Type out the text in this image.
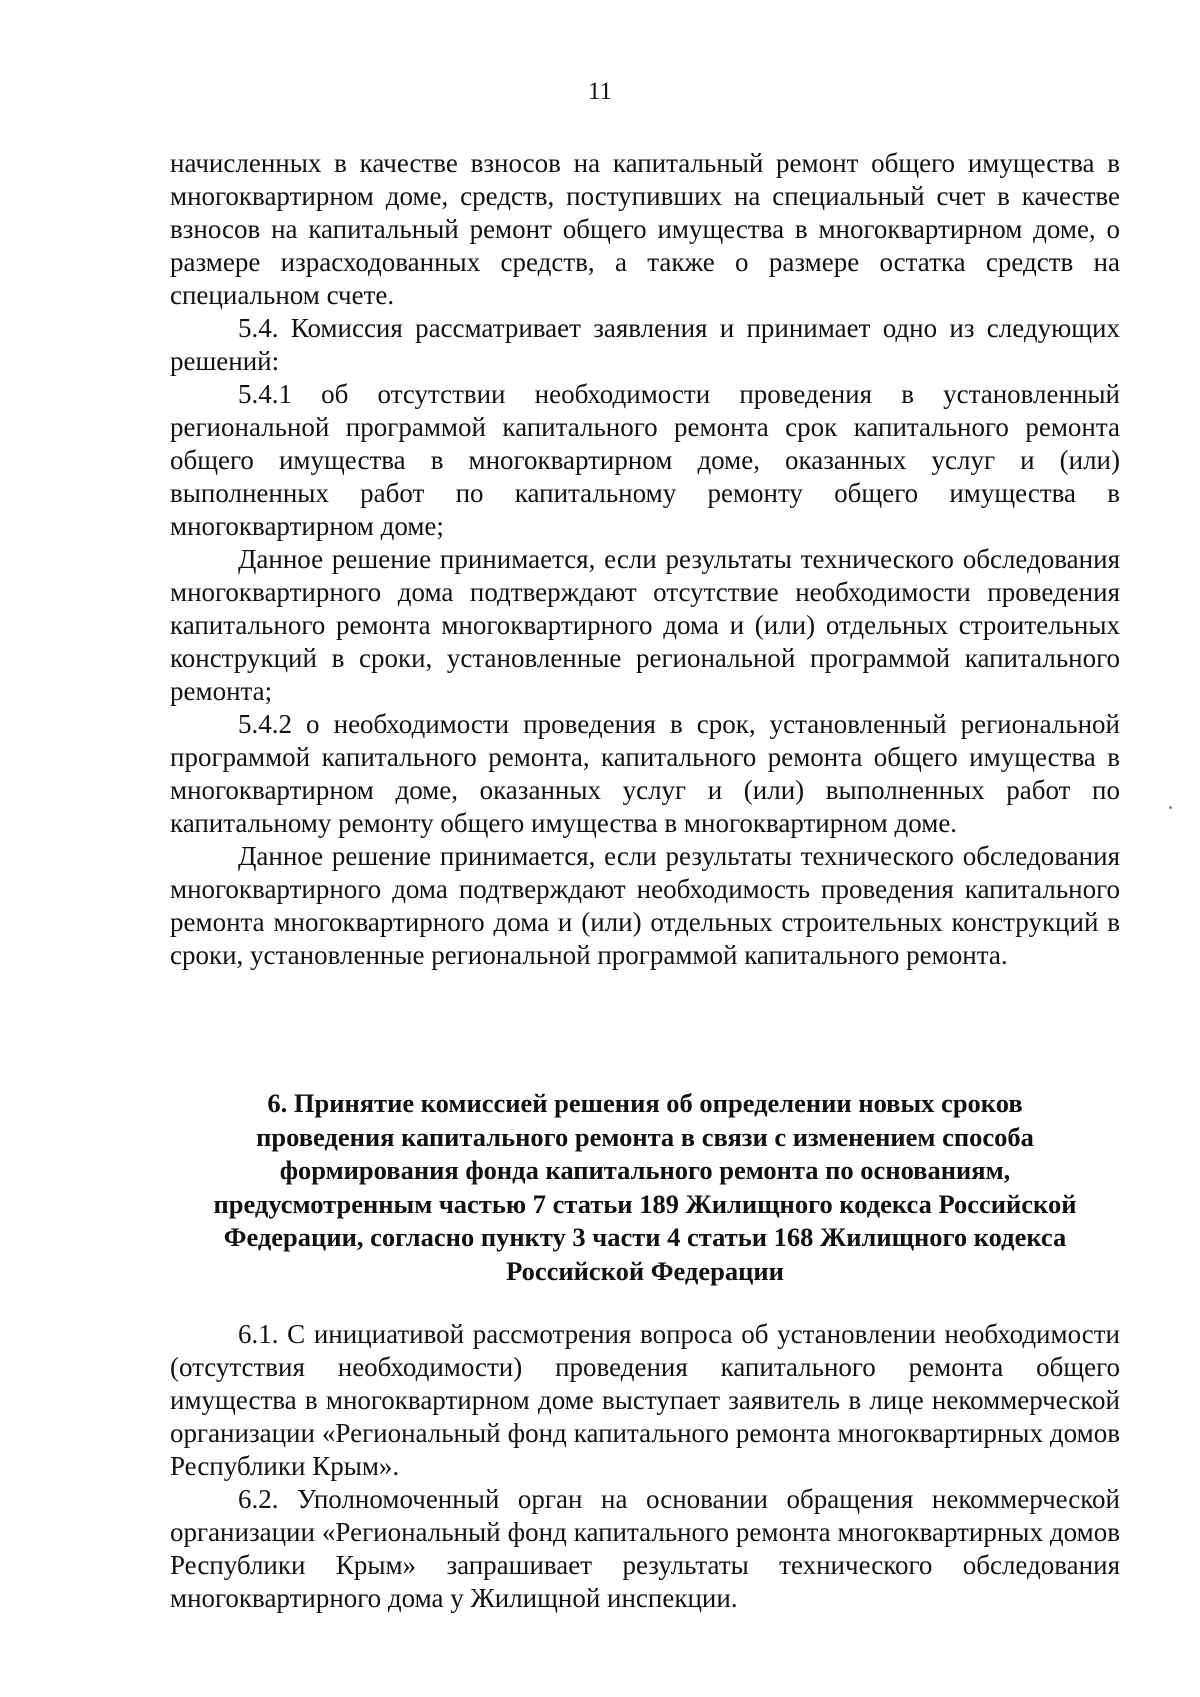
11

начисленных в качестве взносов на капитальный ремонт общего имущества в многоквартирном доме, средств, поступивших на специальный счет в качестве взносов на капитальный ремонт общего имущества в многоквартирном доме, о размере израсходованных средств, а также о размере остатка средств на специальном счете.

5.4. Комиссия рассматривает заявления и принимает одно из следующих решений:

5.4.1 об отсутствии необходимости проведения в установленный региональной программой капитального ремонта срок капитального ремонта общего имущества в многоквартирном доме, оказанных услуг и (или) выполненных работ по капитальному ремонту общего имущества в многоквартирном доме;

Данное решение принимается, если результаты технического обследования многоквартирного дома подтверждают отсутствие необходимости проведения капитального ремонта многоквартирного дома и (или) отдельных строительных конструкций в сроки, установленные региональной программой капитального ремонта;

5.4.2 о необходимости проведения в срок, установленный региональной программой капитального ремонта, капитального ремонта общего имущества в многоквартирном доме, оказанных услуг и (или) выполненных работ по капитальному ремонту общего имущества в многоквартирном доме.

Данное решение принимается, если результаты технического обследования многоквартирного дома подтверждают необходимость проведения капитального ремонта многоквартирного дома и (или) отдельных строительных конструкций в сроки, установленные региональной программой капитального ремонта.

6. Принятие комиссией решения об определении новых сроков
проведения капитального ремонта в связи с изменением способа
формирования фонда капитального ремонта по основаниям,
предусмотренным частью 7 статьи 189 Жилищного кодекса Российской
Федерации, согласно пункту 3 части 4 статьи 168 Жилищного кодекса
Российской Федерации

6.1. С инициативой рассмотрения вопроса об установлении необходимости (отсутствия необходимости) проведения капитального ремонта общего имущества в многоквартирном доме выступает заявитель в лице некоммерческой организации «Региональный фонд капитального ремонта многоквартирных домов Республики Крым».

6.2. Уполномоченный орган на основании обращения некоммерческой организации «Региональный фонд капитального ремонта многоквартирных домов Республики Крым» запрашивает результаты технического обследования многоквартирного дома у Жилищной инспекции.
